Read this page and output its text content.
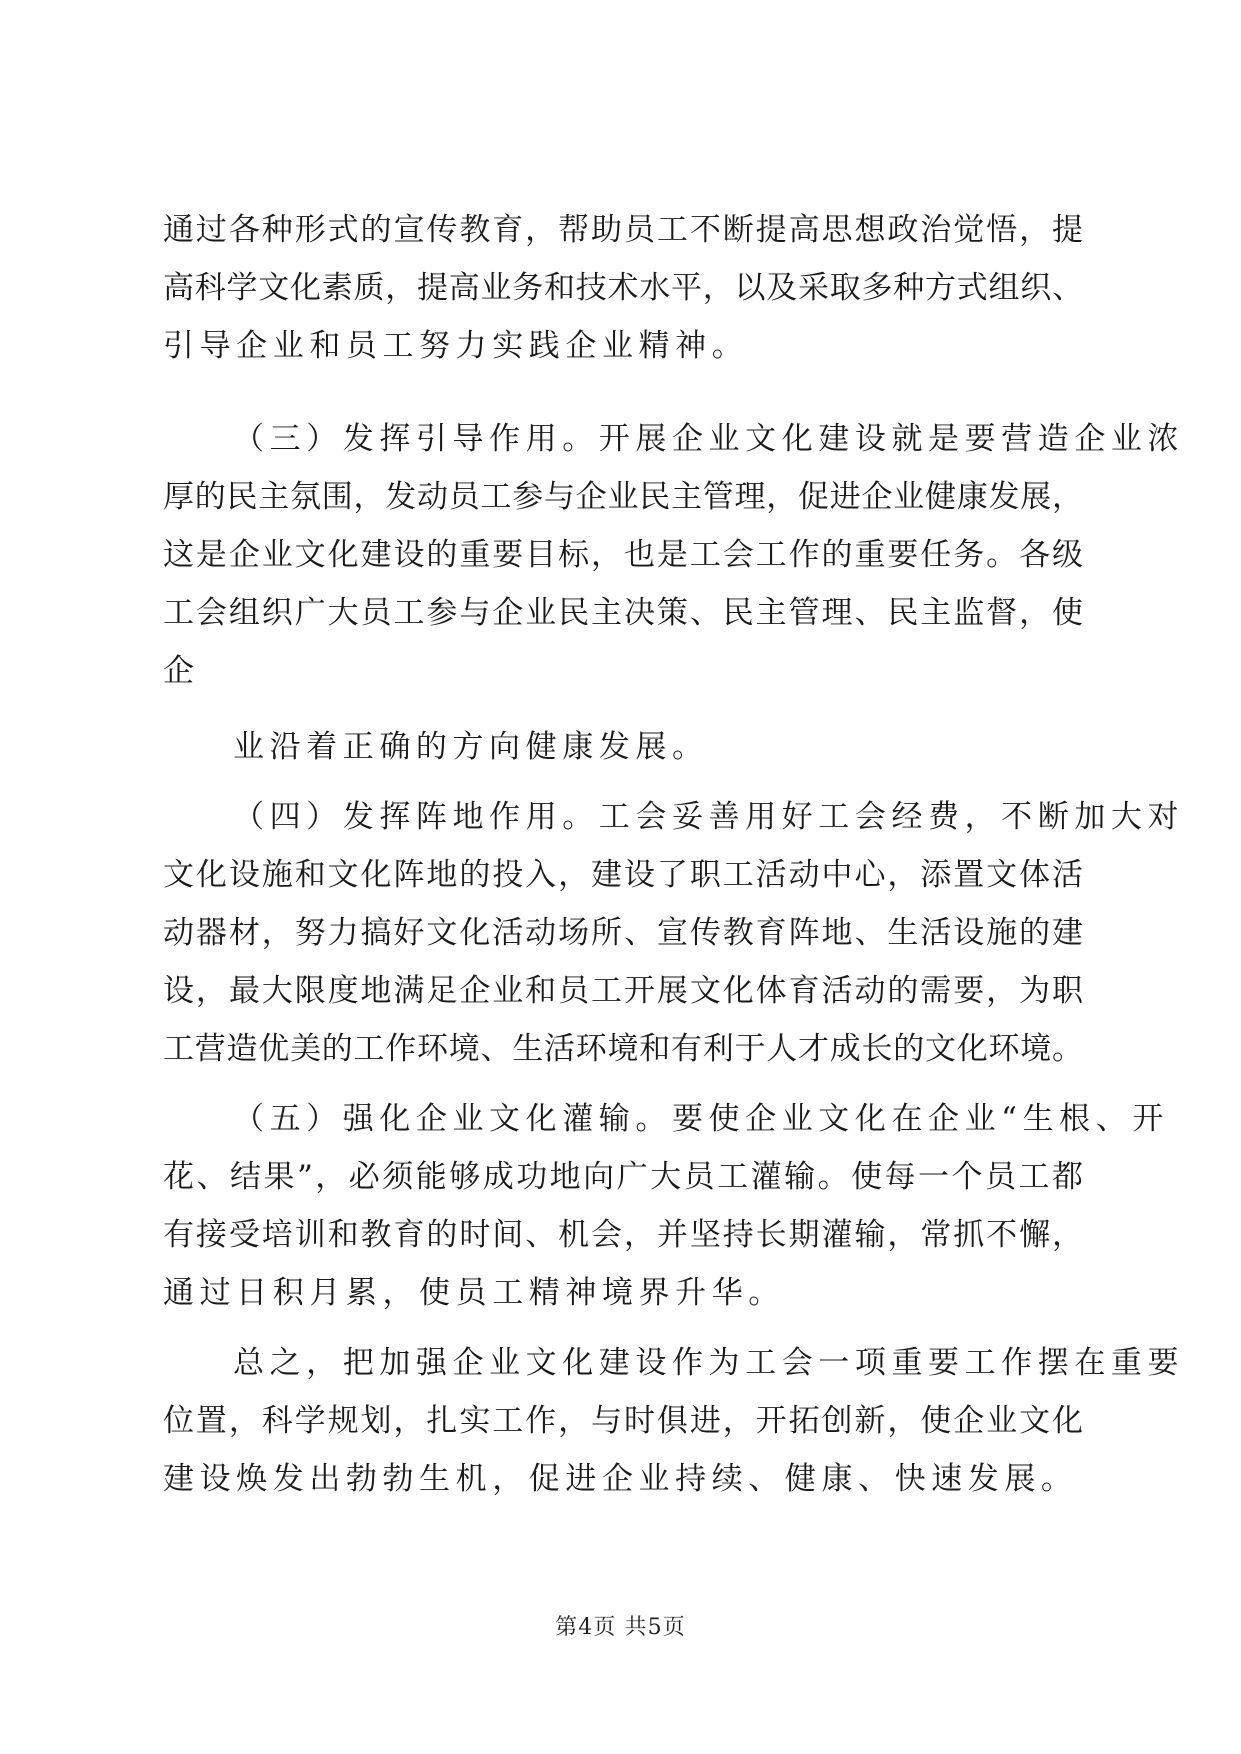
通过各种形式的宣传教育，帮助员工不断提高思想政治觉悟，提
高科学文化素质，提高业务和技术水平，以及采取多种方式组织、
引导企业和员工努力实践企业精神。
（三）发挥引导作用。开展企业文化建设就是要营造企业浓
厚的民主氛围，发动员工参与企业民主管理，促进企业健康发展，
这是企业文化建设的重要目标，也是工会工作的重要任务。各级
工会组织广大员工参与企业民主决策、民主管理、民主监督，使
企
业沿着正确的方向健康发展。
（四）发挥阵地作用。工会妥善用好工会经费，不断加大对
文化设施和文化阵地的投入，建设了职工活动中心，添置文体活
动器材，努力搞好文化活动场所、宣传教育阵地、生活设施的建
设，最大限度地满足企业和员工开展文化体育活动的需要，为职
工营造优美的工作环境、生活环境和有利于人才成长的文化环境。
（五）强化企业文化灌输。要使企业文化在企业“生根、开
花、结果”，必须能够成功地向广大员工灌输。使每一个员工都
有接受培训和教育的时间、机会，并坚持长期灌输，常抓不懈，
通过日积月累，使员工精神境界升华。
总之，把加强企业文化建设作为工会一项重要工作摆在重要
位置，科学规划，扎实工作，与时俱进，开拓创新，使企业文化
建设焕发出勃勃生机，促进企业持续、健康、快速发展。
第4页 共5页
